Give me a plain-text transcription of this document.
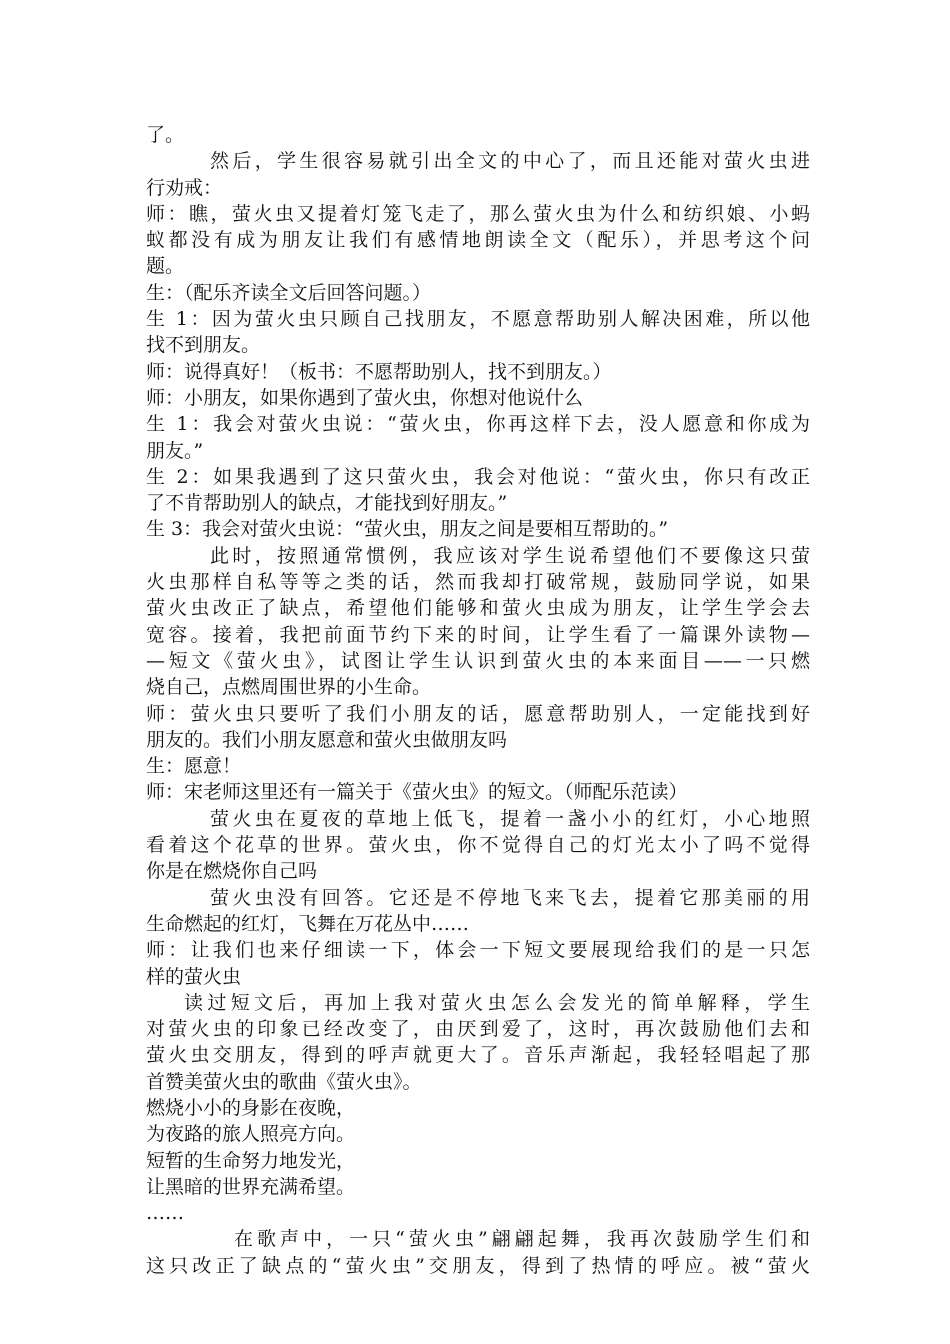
了。
然后，学生很容易就引出全文的中心了，而且还能对萤火虫进
行劝戒：
师：瞧，萤火虫又提着灯笼飞走了，那么萤火虫为什么和纺织娘、小蚂
蚁都没有成为朋友让我们有感情地朗读全文（配乐），并思考这个问
题。
生：（配乐齐读全文后回答问题。）
生 1：因为萤火虫只顾自己找朋友，不愿意帮助别人解决困难，所以他
找不到朋友。
师：说得真好！（板书：不愿帮助别人，找不到朋友。）
师：小朋友，如果你遇到了萤火虫，你想对他说什么
生 1：我会对萤火虫说：“萤火虫，你再这样下去，没人愿意和你成为
朋友。”
生 2：如果我遇到了这只萤火虫，我会对他说：“萤火虫，你只有改正
了不肯帮助别人的缺点，才能找到好朋友。”
生 3：我会对萤火虫说：“萤火虫，朋友之间是要相互帮助的。”
此时，按照通常惯例，我应该对学生说希望他们不要像这只萤
火虫那样自私等等之类的话，然而我却打破常规，鼓励同学说，如果
萤火虫改正了缺点，希望他们能够和萤火虫成为朋友，让学生学会去
宽容。接着，我把前面节约下来的时间，让学生看了一篇课外读物—
—短文《萤火虫》，试图让学生认识到萤火虫的本来面目——一只燃
烧自己，点燃周围世界的小生命。
师：萤火虫只要听了我们小朋友的话，愿意帮助别人，一定能找到好
朋友的。我们小朋友愿意和萤火虫做朋友吗
生：愿意！
师：宋老师这里还有一篇关于《萤火虫》的短文。（师配乐范读）
萤火虫在夏夜的草地上低飞，提着一盏小小的红灯，小心地照
看着这个花草的世界。萤火虫，你不觉得自己的灯光太小了吗不觉得
你是在燃烧你自己吗
萤火虫没有回答。它还是不停地飞来飞去，提着它那美丽的用
生命燃起的红灯，飞舞在万花丛中……
师：让我们也来仔细读一下，体会一下短文要展现给我们的是一只怎
样的萤火虫
读过短文后，再加上我对萤火虫怎么会发光的简单解释，学生
对萤火虫的印象已经改变了，由厌到爱了，这时，再次鼓励他们去和
萤火虫交朋友，得到的呼声就更大了。音乐声渐起，我轻轻唱起了那
首赞美萤火虫的歌曲《萤火虫》。
燃烧小小的身影在夜晚，
为夜路的旅人照亮方向。
短暂的生命努力地发光，
让黑暗的世界充满希望。
……
在歌声中，一只“萤火虫”翩翩起舞，我再次鼓励学生们和
这只改正了缺点的“萤火虫”交朋友，得到了热情的呼应。被“萤火
